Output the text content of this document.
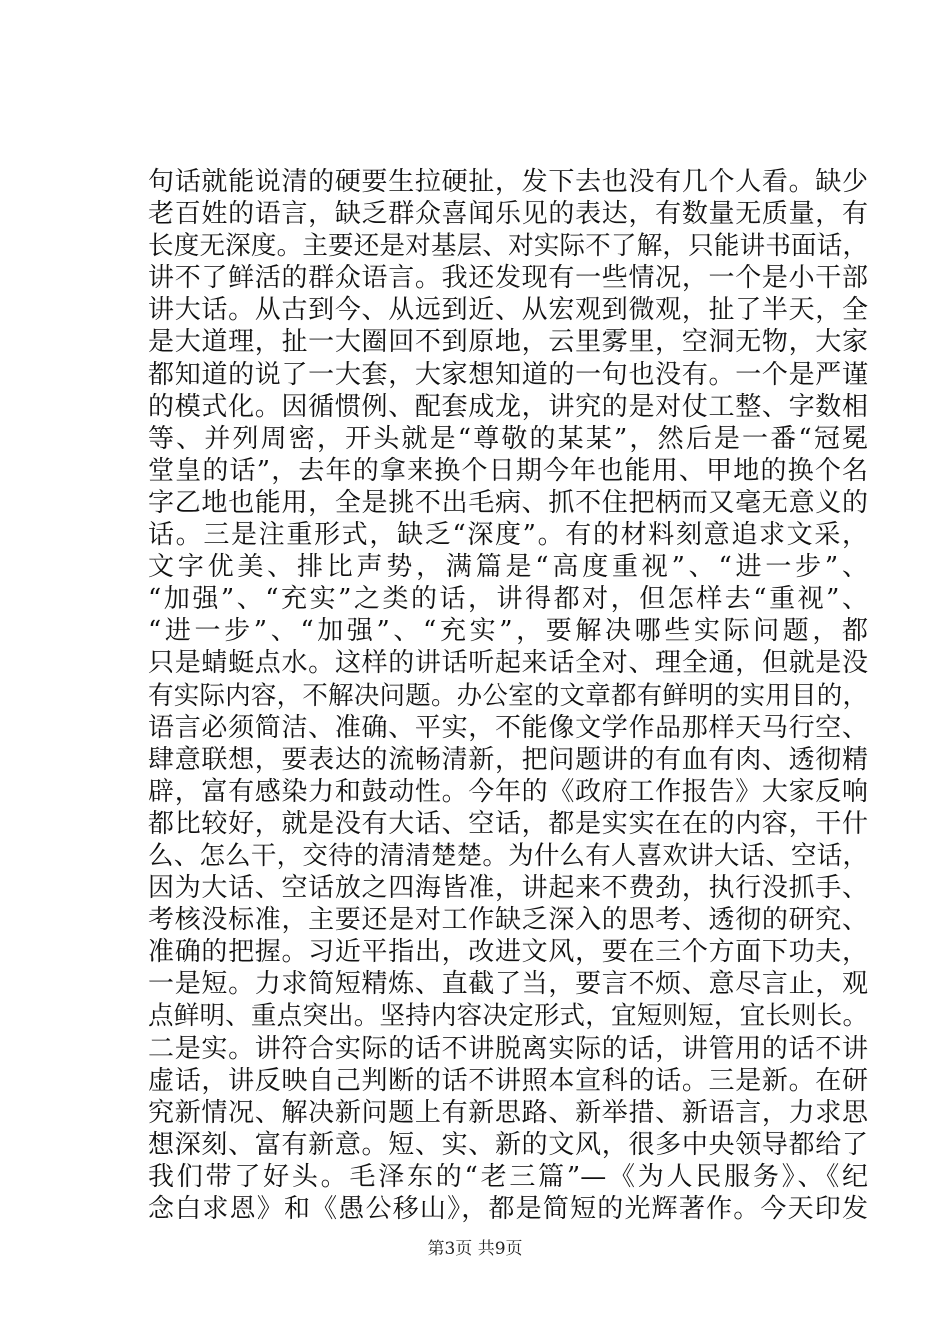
句话就能说清的硬要生拉硬扯，发下去也没有几个人看。缺少
老百姓的语言，缺乏群众喜闻乐见的表达，有数量无质量，有
长度无深度。主要还是对基层、对实际不了解，只能讲书面话，
讲不了鲜活的群众语言。我还发现有一些情况，一个是小干部
讲大话。从古到今、从远到近、从宏观到微观，扯了半天，全
是大道理，扯一大圈回不到原地，云里雾里，空洞无物，大家
都知道的说了一大套，大家想知道的一句也没有。一个是严谨
的模式化。因循惯例、配套成龙，讲究的是对仗工整、字数相
等、并列周密，开头就是“尊敬的某某”，然后是一番“冠冕
堂皇的话”，去年的拿来换个日期今年也能用、甲地的换个名
字乙地也能用，全是挑不出毛病、抓不住把柄而又毫无意义的
话。三是注重形式，缺乏“深度”。有的材料刻意追求文采，
文字优美、排比声势，满篇是“高度重视”、“进一步”、
“加强”、“充实”之类的话，讲得都对，但怎样去“重视”、
“进一步”、“加强”、“充实”，要解决哪些实际问题，都
只是蜻蜓点水。这样的讲话听起来话全对、理全通，但就是没
有实际内容，不解决问题。办公室的文章都有鲜明的实用目的，
语言必须简洁、准确、平实，不能像文学作品那样天马行空、
肆意联想，要表达的流畅清新，把问题讲的有血有肉、透彻精
辟，富有感染力和鼓动性。今年的《政府工作报告》大家反响
都比较好，就是没有大话、空话，都是实实在在的内容，干什
么、怎么干，交待的清清楚楚。为什么有人喜欢讲大话、空话，
因为大话、空话放之四海皆准，讲起来不费劲，执行没抓手、
考核没标准，主要还是对工作缺乏深入的思考、透彻的研究、
准确的把握。习近平指出，改进文风，要在三个方面下功夫，
一是短。力求简短精炼、直截了当，要言不烦、意尽言止，观
点鲜明、重点突出。坚持内容决定形式，宜短则短，宜长则长。
二是实。讲符合实际的话不讲脱离实际的话，讲管用的话不讲
虚话，讲反映自己判断的话不讲照本宣科的话。三是新。在研
究新情况、解决新问题上有新思路、新举措、新语言，力求思
想深刻、富有新意。短、实、新的文风，很多中央领导都给了
我们带了好头。毛泽东的“老三篇”—《为人民服务》、《纪
念白求恩》和《愚公移山》，都是简短的光辉著作。今天印发
第3页 共9页
